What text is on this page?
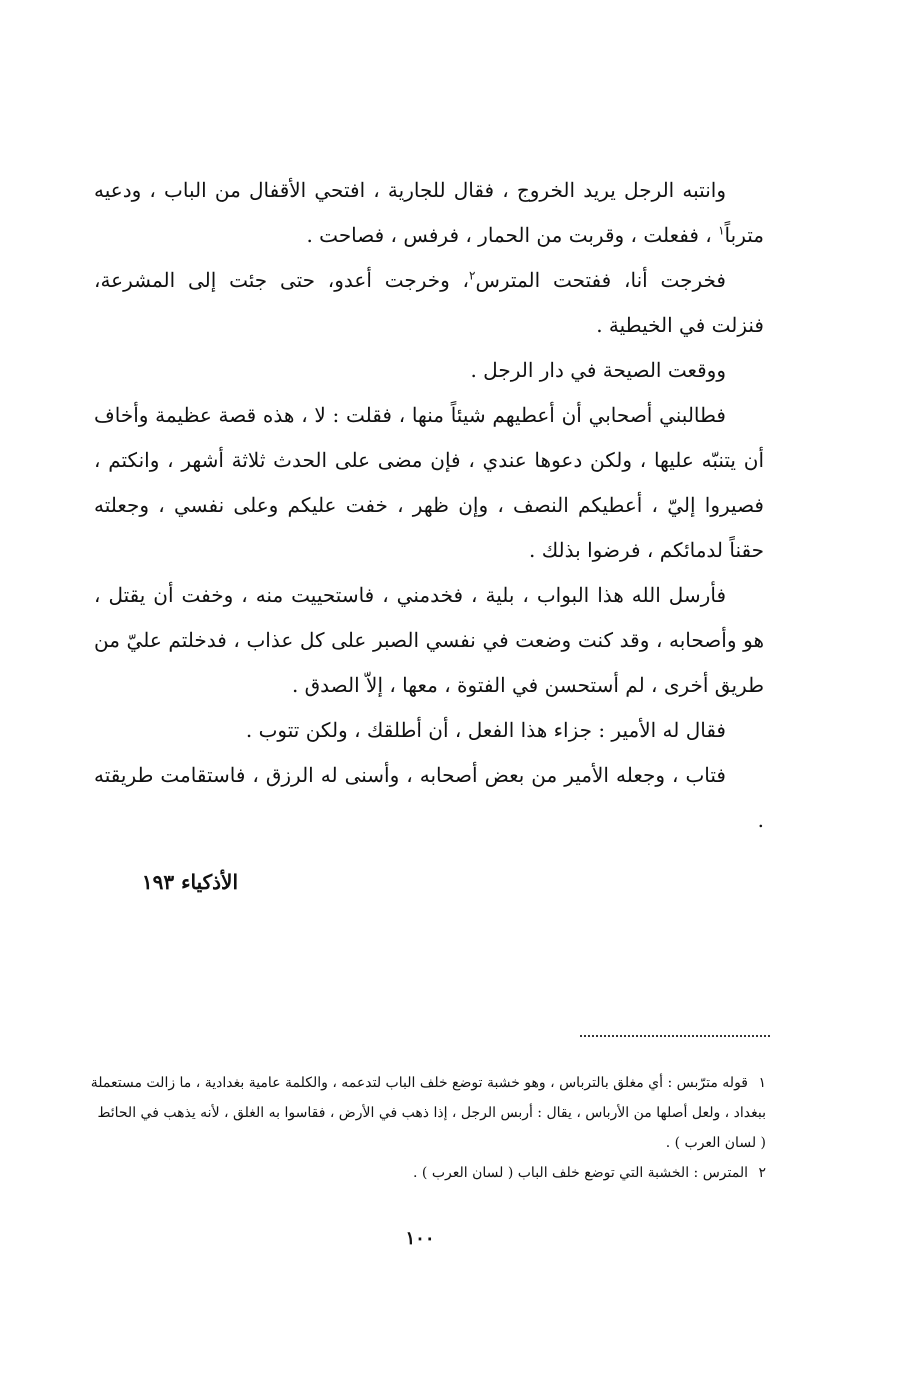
وانتبه الرجل يريد الخروج ، فقال للجارية ، افتحي الأقفال من الباب ، ودعيه مترباً$^١$ ، ففعلت ، وقربت من الحمار ، فرفس ، فصاحت .

فخرجت أنا، ففتحت المترس$^٢$، وخرجت أعدو، حتى جئت إلى المشرعة، فنزلت في الخيطية .

ووقعت الصيحة في دار الرجل .

فطالبني أصحابي أن أعطيهم شيئاً منها ، فقلت : لا ، هذه قصة عظيمة وأخاف أن يتنبّه عليها ، ولكن دعوها عندي ، فإن مضى على الحدث ثلاثة أشهر ، وانكتم ، فصيروا إليّ ، أعطيكم النصف ، وإن ظهر ، خفت عليكم وعلى نفسي ، وجعلته حقناً لدمائكم ، فرضوا بذلك .

فأرسل الله هذا البواب ، بلية ، فخدمني ، فاستحييت منه ، وخفت أن يقتل ، هو وأصحابه ، وقد كنت وضعت في نفسي الصبر على كل عذاب ، فدخلتم عليّ من طريق أخرى ، لم أستحسن في الفتوة ، معها ، إلاّ الصدق .

فقال له الأمير : جزاء هذا الفعل ، أن أطلقك ، ولكن تتوب .

فتاب ، وجعله الأمير من بعض أصحابه ، وأسنى له الرزق ، فاستقامت طريقته .

الأذكياء ١٩٣

١قوله مترّبس : أي مغلق بالترباس ، وهو خشبة توضع خلف الباب لتدعمه ، والكلمة عامية بغدادية ، ما زالت مستعملة ببغداد ، ولعل أصلها من الأرباس ، يقال : أربس الرجل ، إذا ذهب في الأرض ، فقاسوا به الغلق ، لأنه يذهب في الحائط ( لسان العرب ) .

٢المترس : الخشبة التي توضع خلف الباب ( لسان العرب ) .

١٠٠
